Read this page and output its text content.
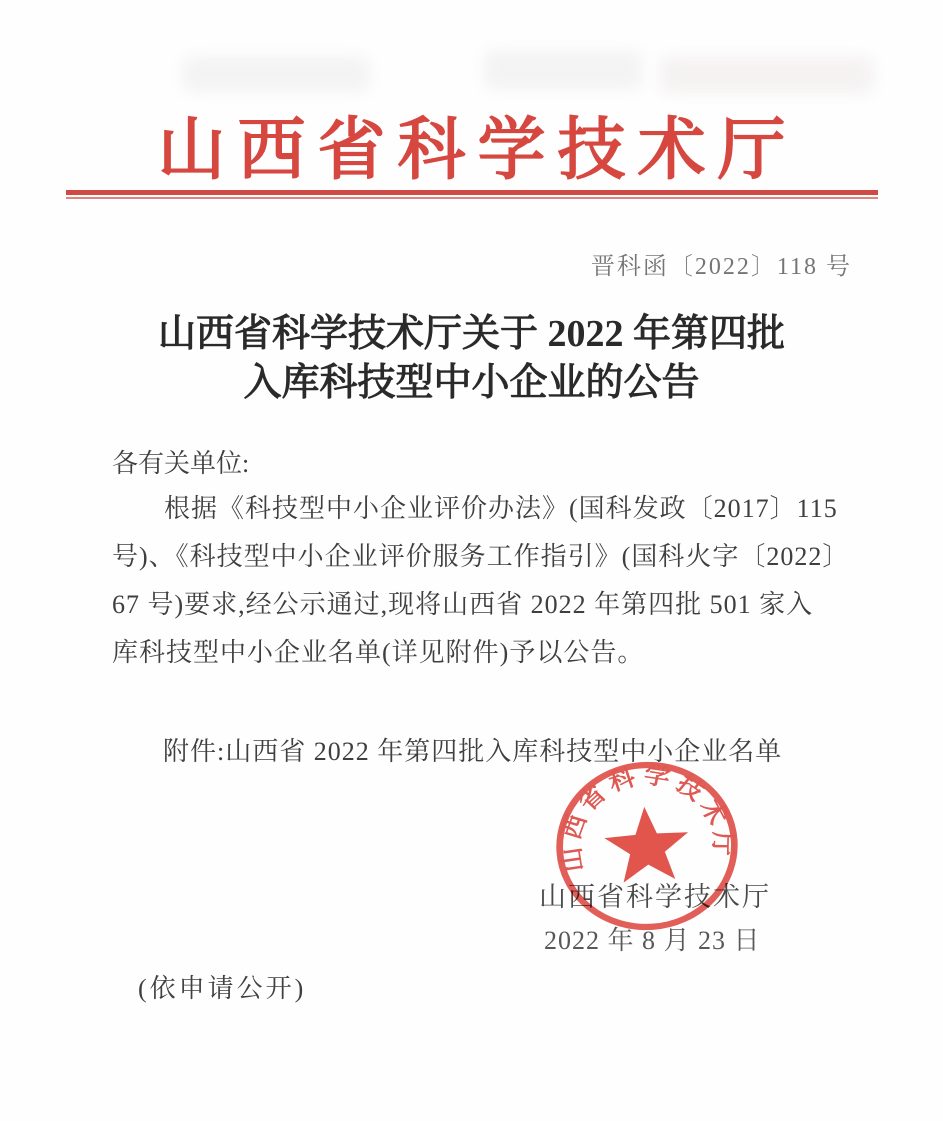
山西省科学技术厅
晋科函〔2022〕118 号
山西省科学技术厅关于 2022 年第四批
入库科技型中小企业的公告
各有关单位:
根据《科技型中小企业评价办法》(国科发政〔2017〕115
号)、《科技型中小企业评价服务工作指引》(国科火字〔2022〕
67 号)要求,经公示通过,现将山西省 2022 年第四批 501 家入
库科技型中小企业名单(详见附件)予以公告。
附件:山西省 2022 年第四批入库科技型中小企业名单
山西省科学技术厅
2022 年 8 月 23 日
山西省科学技术厅
(依申请公开)
